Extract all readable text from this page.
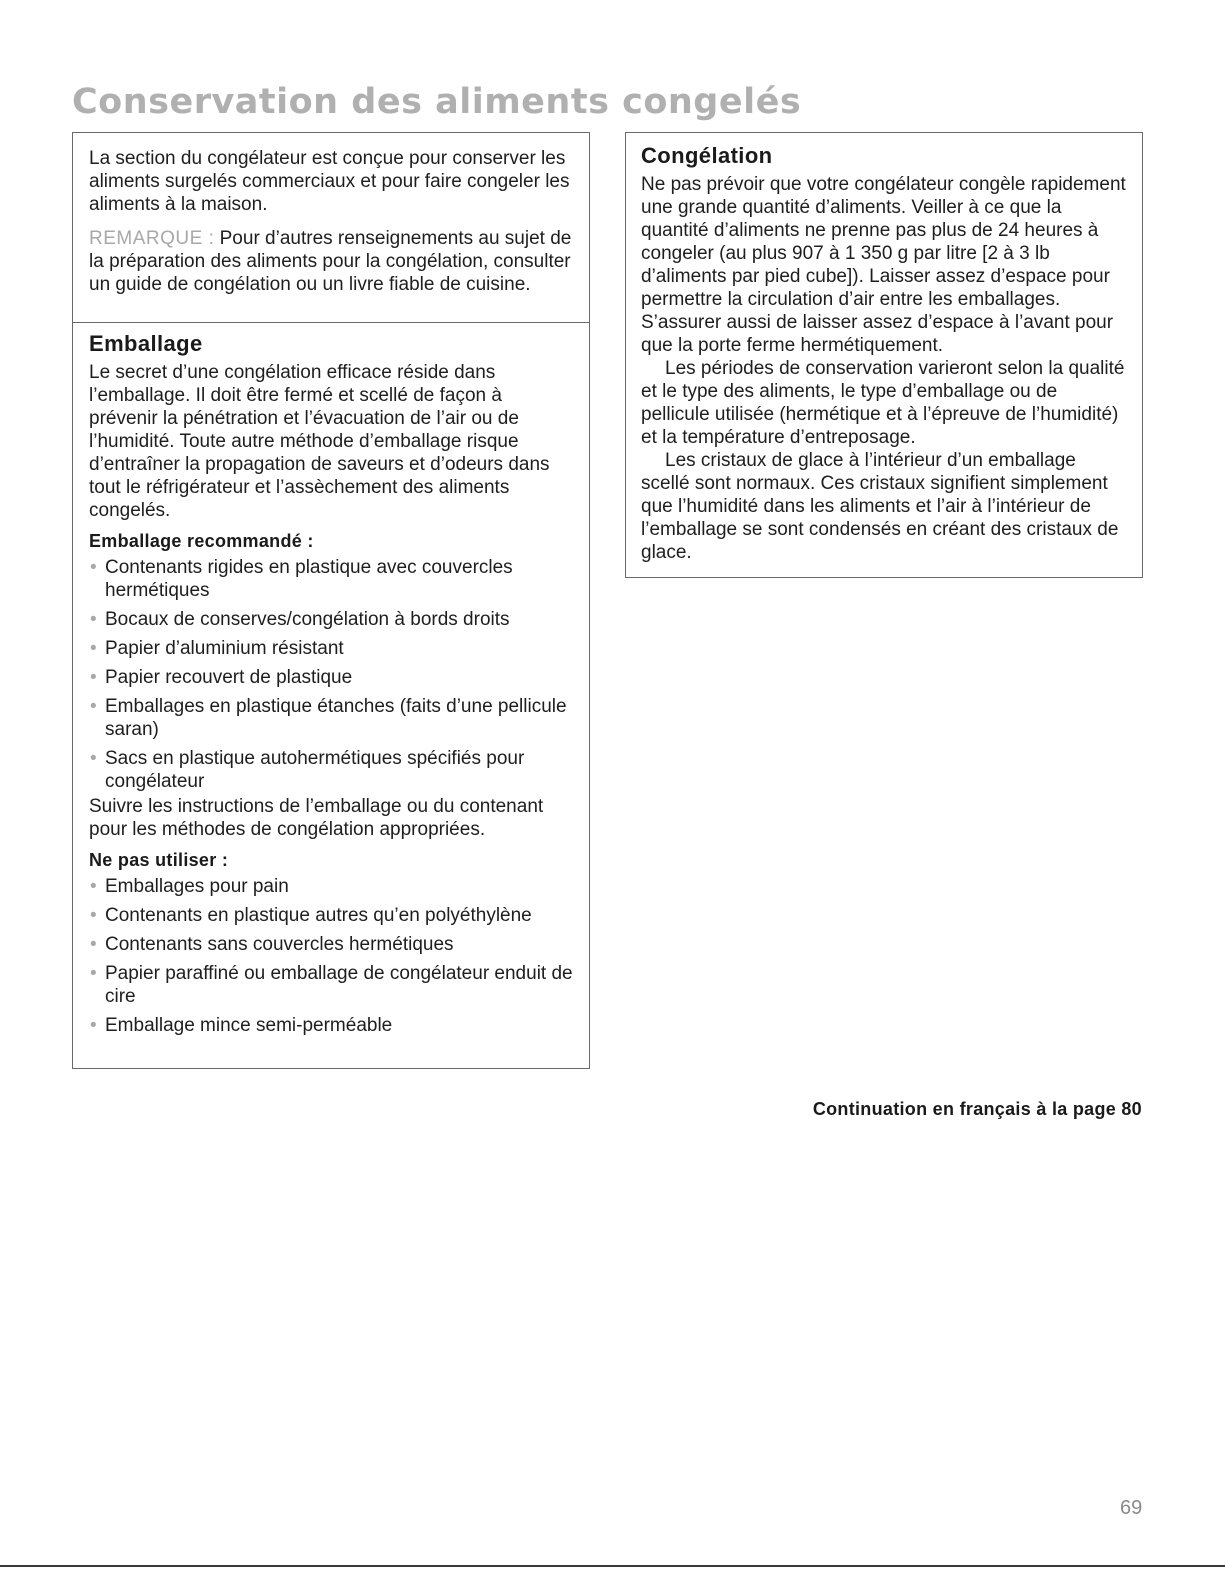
Conservation des aliments congelés

La section du congélateur est conçue pour conserver les aliments surgelés commerciaux et pour faire congeler les aliments à la maison.

REMARQUE : Pour d’autres renseignements au sujet de la préparation des aliments pour la congélation, consulter un guide de congélation ou un livre fiable de cuisine.

Emballage

Le secret d’une congélation efficace réside dans l’emballage. Il doit être fermé et scellé de façon à prévenir la pénétration et l’évacuation de l’air ou de l’humidité. Toute autre méthode d’emballage risque d’entraîner la propagation de saveurs et d’odeurs dans tout le réfrigérateur et l’assèchement des aliments congelés.

Emballage recommandé :
• Contenants rigides en plastique avec couvercles hermétiques
• Bocaux de conserves/congélation à bords droits
• Papier d’aluminium résistant
• Papier recouvert de plastique
• Emballages en plastique étanches (faits d’une pellicule saran)
• Sacs en plastique autohermétiques spécifiés pour congélateur

Suivre les instructions de l’emballage ou du contenant pour les méthodes de congélation appropriées.

Ne pas utiliser :
• Emballages pour pain
• Contenants en plastique autres qu’en polyéthylène
• Contenants sans couvercles hermétiques
• Papier paraffiné ou emballage de congélateur enduit de cire
• Emballage mince semi-perméable
Congélation

Ne pas prévoir que votre congélateur congèle rapidement une grande quantité d’aliments. Veiller à ce que la quantité d’aliments ne prenne pas plus de 24 heures à congeler (au plus 907 à 1 350 g par litre [2 à 3 lb d’aliments par pied cube]). Laisser assez d’espace pour permettre la circulation d’air entre les emballages. S’assurer aussi de laisser assez d’espace à l’avant pour que la porte ferme hermétiquement.

Les périodes de conservation varieront selon la qualité et le type des aliments, le type d’emballage ou de pellicule utilisée (hermétique et à l’épreuve de l’humidité) et la température d’entreposage.

Les cristaux de glace à l’intérieur d’un emballage scellé sont normaux. Ces cristaux signifient simplement que l’humidité dans les aliments et l’air à l’intérieur de l’emballage se sont condensés en créant des cristaux de glace.

Continuation en français à la page 80

69
